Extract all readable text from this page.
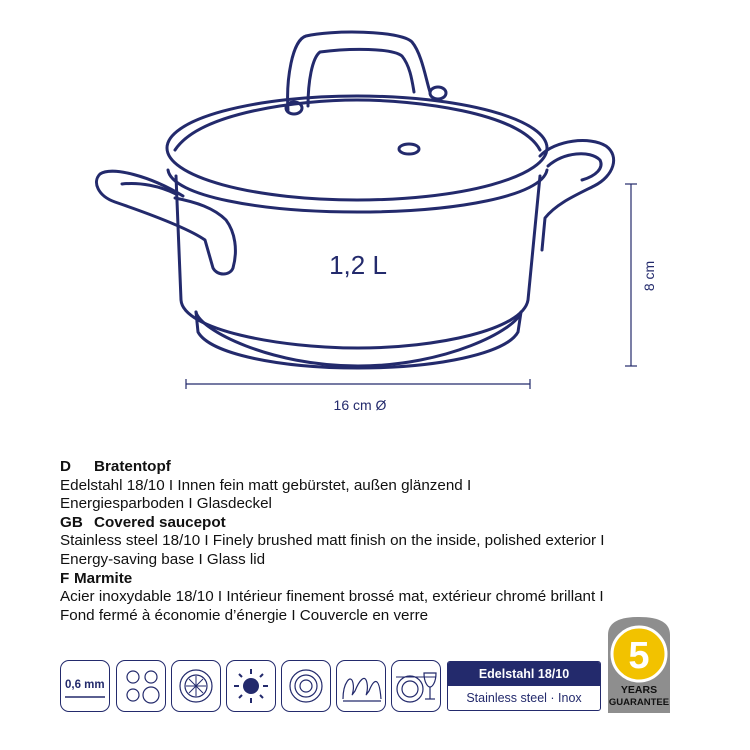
1,2 L	8 cm
16 cm Ø
D Bratentopf
Edelstahl 18/10 I Innen fein matt gebürstet, außen glänzend I
Energiesparboden I Glasdeckel
GB Covered saucepot
Stainless steel 18/10 I Finely brushed matt finish on the inside, polished exterior I
Energy-saving base I Glass lid
F Marmite
Acier inoxydable 18/10 I Intérieur finement brossé mat, extérieur chromé brillant I
Fond fermé à économie d’énergie I Couvercle en verre
0,6 mm
Edelstahl 18/10
Stainless steel · Inox
5
YEARS
GUARANTEE
